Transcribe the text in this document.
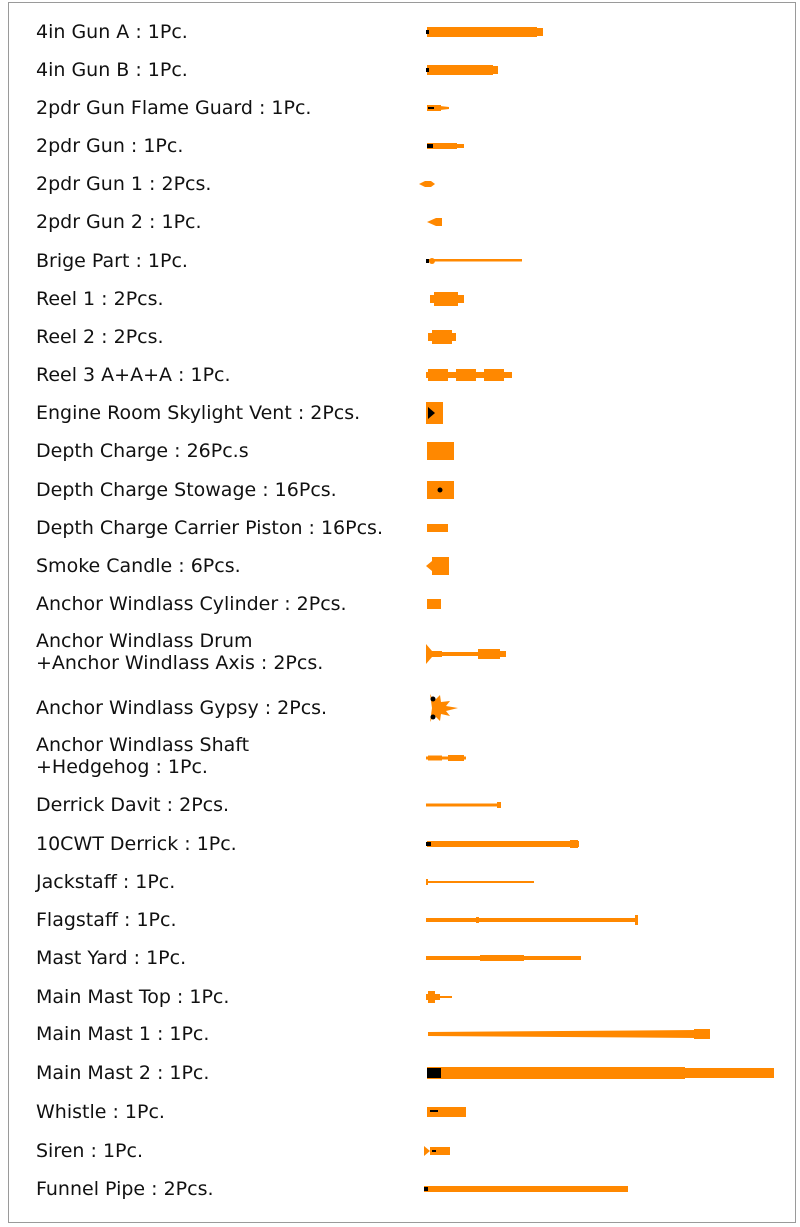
4in Gun A : 1Pc.
4in Gun B : 1Pc.
2pdr Gun Flame Guard : 1Pc.
2pdr Gun : 1Pc.
2pdr Gun 1 : 2Pcs.
2pdr Gun 2 : 1Pc.
Brige Part : 1Pc.
Reel 1 : 2Pcs.
Reel 2 : 2Pcs.
Reel 3 A+A+A : 1Pc.
Engine Room Skylight Vent : 2Pcs.
Depth Charge : 26Pc.s
Depth Charge Stowage : 16Pcs.
Depth Charge Carrier Piston : 16Pcs.
Smoke Candle : 6Pcs.
Anchor Windlass Cylinder : 2Pcs.
Anchor Windlass Drum
+Anchor Windlass Axis : 2Pcs.
Anchor Windlass Gypsy : 2Pcs.
Anchor Windlass Shaft
+Hedgehog : 1Pc.
Derrick Davit : 2Pcs.
10CWT Derrick : 1Pc.
Jackstaff : 1Pc.
Flagstaff : 1Pc.
Mast Yard : 1Pc.
Main Mast Top : 1Pc.
Main Mast 1 : 1Pc.
Main Mast 2 : 1Pc.
Whistle : 1Pc.
Siren : 1Pc.
Funnel Pipe : 2Pcs.
